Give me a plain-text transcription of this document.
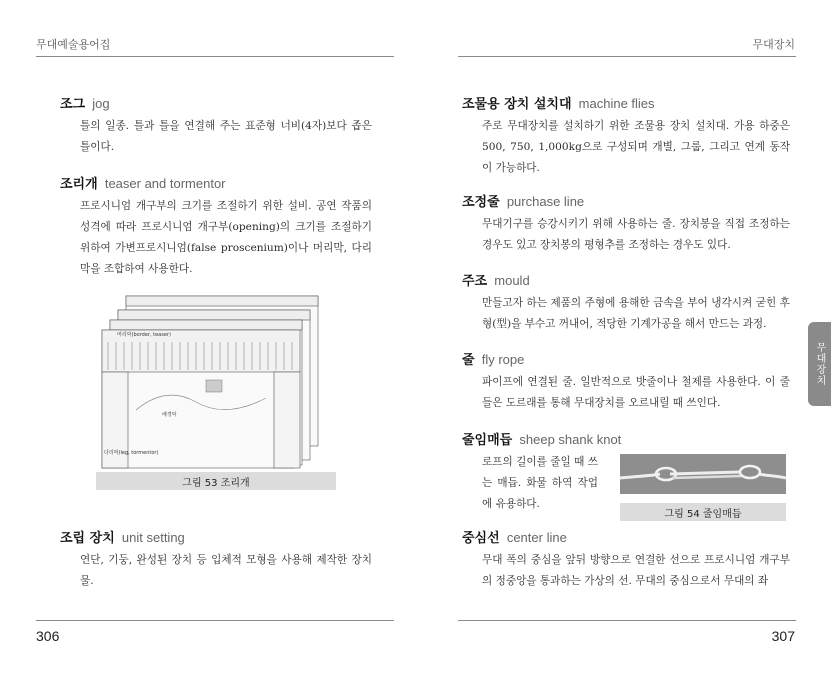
무대예술용어집	무대장치
조그 jog
틀의 일종. 틀과 틀을 연결해 주는 표준형 너비(4자)보다 좁은 틀이다.
조리개 teaser and tormentor
프로시니엄 개구부의 크기를 조절하기 위한 설비. 공연 작품의 성격에 따라 프로시니엄 개구부(opening)의 크기를 조절하기 위하여 가변프로시니엄(false proscenium)이나 머리막, 다리막을 조합하여 사용한다.
조립 장치 unit setting
연단, 기둥, 완성된 장치 등 입체적 모형을 사용해 제작한 장치물.
머리막(border, teaser)
배경막
다리막(leg, tormentor)
그림 53 조리개
조물용 장치 설치대 machine flies
주로 무대장치를 설치하기 위한 조물용 장치 설치대. 가용 하중은 500, 750, 1,000kg으로 구성되며 개별, 그룹, 그리고 연계 동작이 가능하다.
조정줄 purchase line
무대기구를 승강시키기 위해 사용하는 줄. 장치봉을 직접 조정하는 경우도 있고 장치봉의 평형추를 조정하는 경우도 있다.
주조 mould
만들고자 하는 제품의 주형에 용해한 금속을 부어 냉각시켜 굳힌 후 형(型)을 부수고 꺼내어, 적당한 기계가공을 해서 만드는 과정.
줄 fly rope
파이프에 연결된 줄. 일반적으로 밧줄이나 철제를 사용한다. 이 줄들은 도르래를 통해 무대장치를 오르내릴 때 쓰인다.
줄임매듭 sheep shank knot
로프의 길이를 줄일 때 쓰는 매듭. 화물 하역 작업에 유용하다.
중심선 center line
무대 폭의 중심을 앞뒤 방향으로 연결한 선으로 프로시니엄 개구부의 정중앙을 통과하는 가상의 선. 무대의 중심으로서 무대의 좌
그림 54 줄임매듭
무대장치
306	307
